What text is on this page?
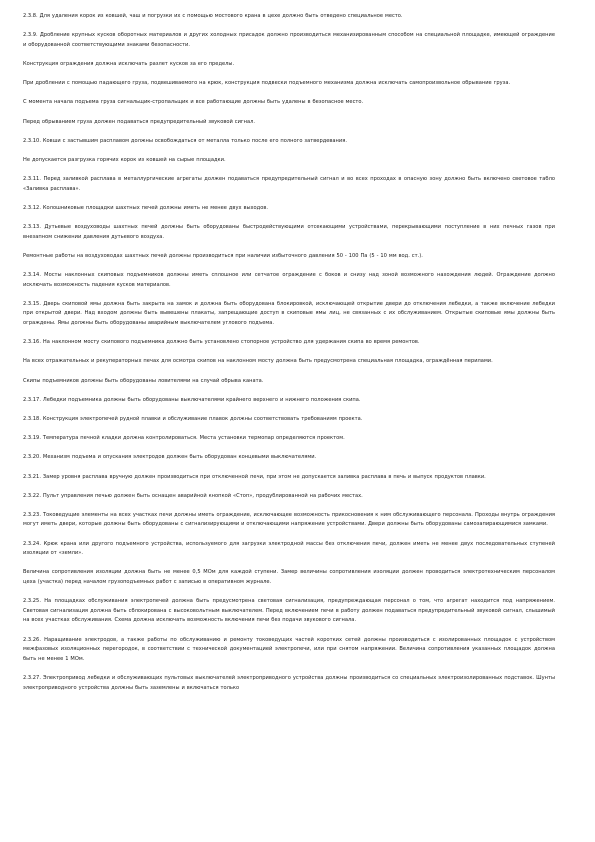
2.3.8. Для удаления корок из ковшей, чаш и погрузки их с помощью мостового крана в цехе должно быть отведено специальное место.

2.3.9. Дробление крупных кусков оборотных материалов и других холодных присадок должно производиться механизированным способом на специальной площадке, имеющей ограждение и оборудованной соответствующими знаками безопасности.

Конструкция ограждения должна исключать разлет кусков за его пределы.

При дроблении с помощью падающего груза, подвешиваемого на крюк, конструкция подвески подъемного механизма должна исключать самопроизвольное обрывание груза.

С момента начала подъема груза сигнальщик-стропальщик и все работающие должны быть удалены в безопасное место.

Перед обрыванием груза должен подаваться предупредительный звуковой сигнал.

2.3.10. Ковши с застывшим расплавом должны освобождаться от металла только после его полного затвердевания.

Не допускается разгрузка горячих корок из ковшей на сырые площадки.

2.3.11. Перед заливкой расплава в металлургические агрегаты должен подаваться предупредительный сигнал и во всех проходах в опасную зону должно быть включено световое табло «Заливка расплава».

2.3.12. Колошниковые площадки шахтных печей должны иметь не менее двух выходов.

2.3.13. Дутьевые воздуховоды шахтных печей должны быть оборудованы быстродействующими отсекающими устройствами, перекрывающими поступление в них печных газов при внезапном снижении давления дутьевого воздуха.

Ремонтные работы на воздуховодах шахтных печей должны производиться при наличии избыточного давления 50 - 100 Па (5 - 10 мм вод. ст.).

2.3.14. Мосты наклонных скиповых подъемников должны иметь сплошное или сетчатое ограждение с боков и снизу над зоной возможного нахождения людей. Ограждение должно исключать возможность падения кусков материалов.

2.3.15. Дверь скиповой ямы должна быть закрыта на замок и должна быть оборудована блокировкой, исключающей открытие двери до отключения лебедки, а также включение лебедки при открытой двери. Над входом должны быть вывешены плакаты, запрещающие доступ в скиповые ямы лиц, не связанных с их обслуживанием. Открытые скиповые ямы должны быть ограждены. Ямы должны быть оборудованы аварийным выключателем углового подъема.

2.3.16. На наклонном мосту скипового подъемника должно быть установлено стопорное устройство для удержания скипа во время ремонтов.

На всех отражательных и рекуператорных печах для осмотра скипов на наклонном мосту должна быть предусмотрена специальная площадка, ограждённая перилами.

Скипы подъемников должны быть оборудованы ловителями на случай обрыва каната.

2.3.17. Лебедки подъемника должны быть оборудованы выключателями крайнего верхнего и нижнего положения скипа.

2.3.18. Конструкция электропечей рудной плавки и обслуживание плавок должны соответствовать требованиям проекта.

2.3.19. Температура печной кладки должна контролироваться. Места установки термопар определяются проектом.

2.3.20. Механизм подъема и опускания электродов должен быть оборудован концевыми выключателями.

2.3.21. Замер уровня расплава вручную должен производиться при отключенной печи, при этом не допускается заливка расплава в печь и выпуск продуктов плавки.

2.3.22. Пульт управления печью должен быть оснащен аварийной кнопкой «Стоп», продублированной на рабочих местах.

2.3.23. Токоведущие элементы на всех участках печи должны иметь ограждение, исключающее возможность прикосновения к ним обслуживающего персонала. Проходы внутрь ограждения могут иметь двери, которые должны быть оборудованы с сигнализирующими и отключающими напряжение устройствами. Двери должны быть оборудованы самозапирающимися замками.

2.3.24. Крюк крана или другого подъемного устройства, используемого для загрузки электродной массы без отключения печи, должен иметь не менее двух последовательных ступеней изоляции от «земли».

Величина сопротивления изоляции должна быть не менее 0,5 МОм для каждой ступени. Замер величины сопротивления изоляции должен проводиться электротехническим персоналом цеха (участка) перед началом грузоподъемных работ с записью в оперативном журнале.

2.3.25. На площадках обслуживания электропечей должна быть предусмотрена световая сигнализация, предупреждающая персонал о том, что агрегат находится под напряжением. Световая сигнализация должна быть сблокирована с высоковольтным выключателем. Перед включением печи в работу должен подаваться предупредительный звуковой сигнал, слышимый на всех участках обслуживания. Схема должна исключать возможность включения печи без подачи звукового сигнала.

2.3.26. Наращивание электродов, а также работы по обслуживанию и ремонту токоведущих частей коротких сетей должны производиться с изолированных площадок с устройством межфазовых изоляционных перегородок, в соответствии с технической документацией электропечи, или при снятом напряжении. Величина сопротивления указанных площадок должна быть не менее 1 МОм.

2.3.27. Электропривод лебедки и обслуживающих пультовых выключателей электроприводного устройства должны производиться со специальных электроизолированных подставок. Шунты электроприводного устройства должны быть заземлены и включаться только
